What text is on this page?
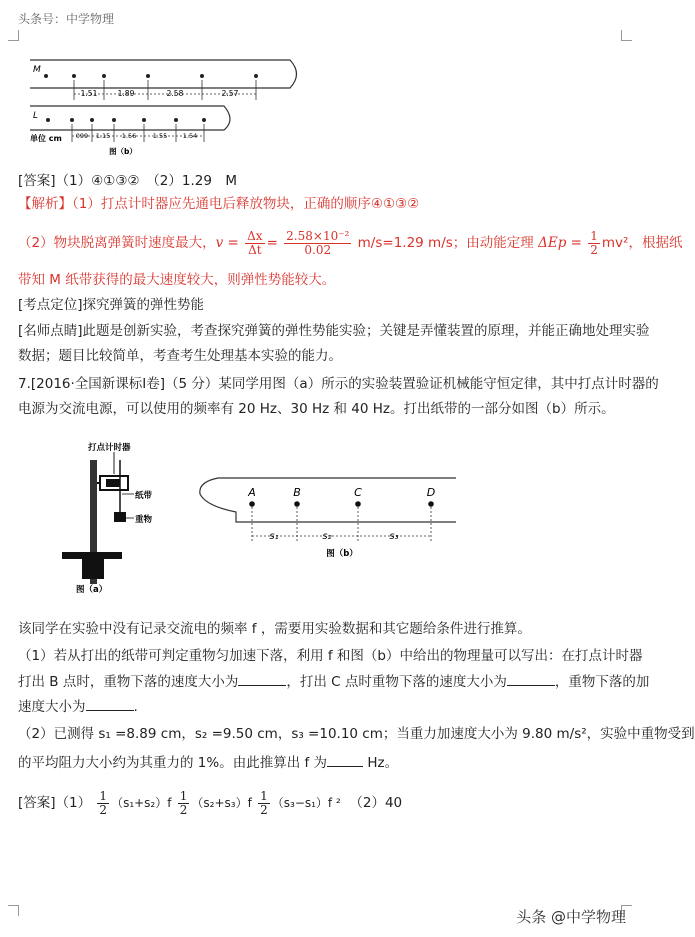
头条号：中学物理
M
1.51	1.89	2.58	2.57
L
单位 cm 099 1.15 1.56	1.55 1.54
图（b）
[答案]（1）④①③②　（2）1.29　M
【解析】（1）打点计时器应先通电后释放物块，正确的顺序④①③②
（2）物块脱离弹簧时速度最大，$v = \frac{\Delta x}{\Delta t} = \frac{\text{2.58×10⁻²}}{0.02} m/s=1.29$ m/s；由动能定理 $\Delta Ep = \frac{1}{2} mv^2$，根据纸
带知 M 纸带获得的最大速度较大，则弹性势能较大。
[考点定位]探究弹簧的弹性势能
[名师点睛]此题是创新实验，考查探究弹簧的弹性势能实验；关键是弄懂装置的原理，并能正确地处理实验
数据；题目比较简单，考查考生处理基本实验的能力。
7.[2016·全国新课标Ⅰ卷]（5 分）某同学用图（a）所示的实验装置验证机械能守恒定律，其中打点计时器的
电源为交流电源，可以使用的频率有 20 Hz、30 Hz 和 40 Hz。打出纸带的一部分如图（b）所示。
打点计时器
纸带
重物
图（a）
A	B	C	D
s₁	s₂	s₃
图（b）
该同学在实验中没有记录交流电的频率 f ，需要用实验数据和其它题给条件进行推算。
（1）若从打出的纸带可判定重物匀加速下落，利用 f 和图（b）中给出的物理量可以写出：在打点计时器
打出 B 点时，重物下落的速度大小为	，打出 C 点时重物下落的速度大小为	，重物下落的加
速度大小为	.
（2）已测得 s₁ =8.89 cm，s₂ =9.50 cm，s₃ =10.10 cm；当重力加速度大小为 9.80 m/s²，实验中重物受到
的平均阻力大小约为其重力的 1%。由此推算出 f 为	Hz。
[答案]$(1) \frac{1}{2} (s_1+s_2)f \frac{1}{2} (s_2+s_3)f \frac{1}{2} (s_3-s_1)f$ ² （2）40
头条 @中学物理
